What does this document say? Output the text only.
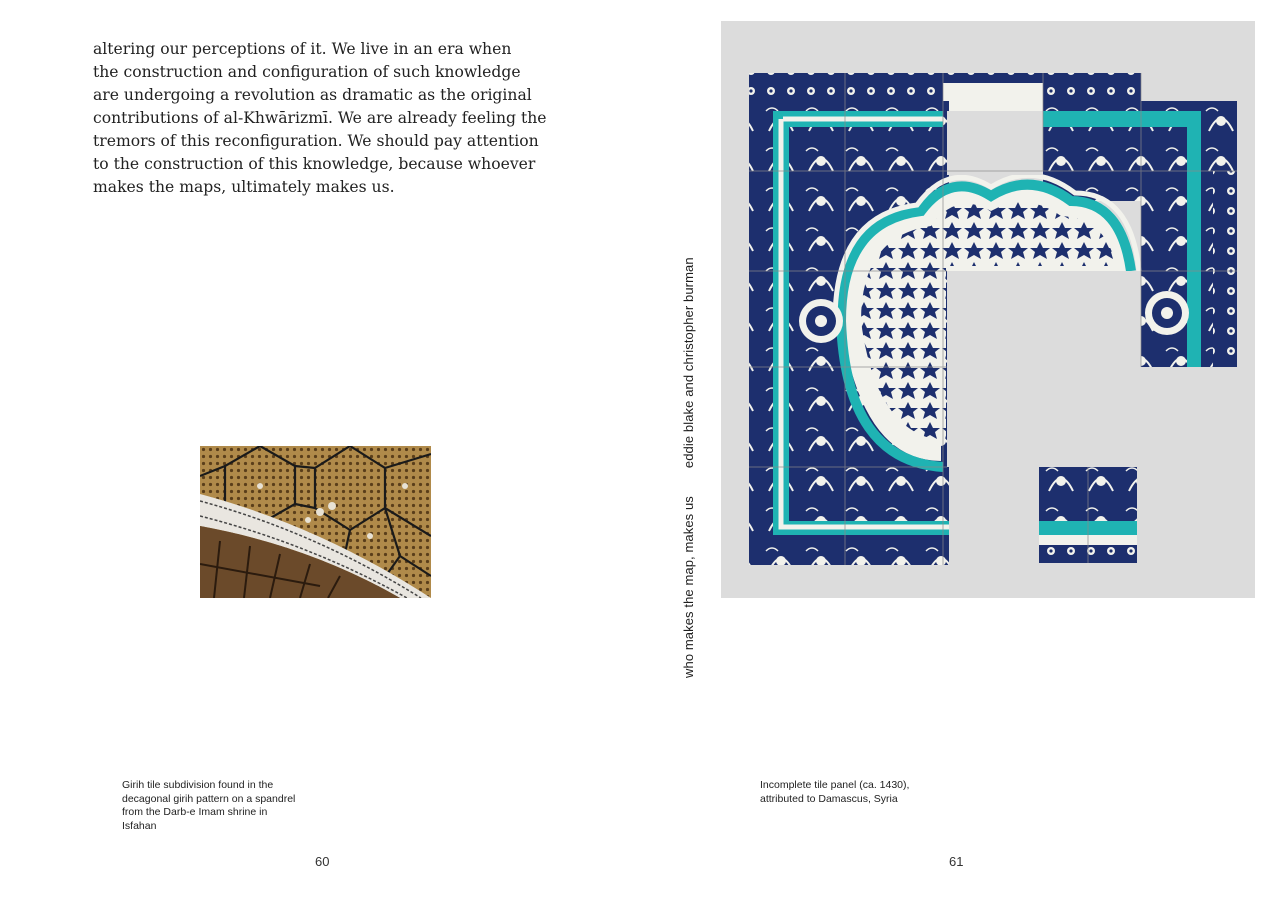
altering our perceptions of it. We live in an era when
the construction and configuration of such knowledge
are undergoing a revolution as dramatic as the original
contributions of al-Khwārizmī. We are already feeling the
tremors of this reconfiguration. We should pay attention
to the construction of this knowledge, because whoever
makes the maps, ultimately makes us.
Girih tile subdivision found in the
decagonal girih pattern on a spandrel
from the Darb-e Imam shrine in
Isfahan
60
who makes the map, makes useddie blake and christopher burman
Incomplete tile panel (ca. 1430),
attributed to Damascus, Syria
61
